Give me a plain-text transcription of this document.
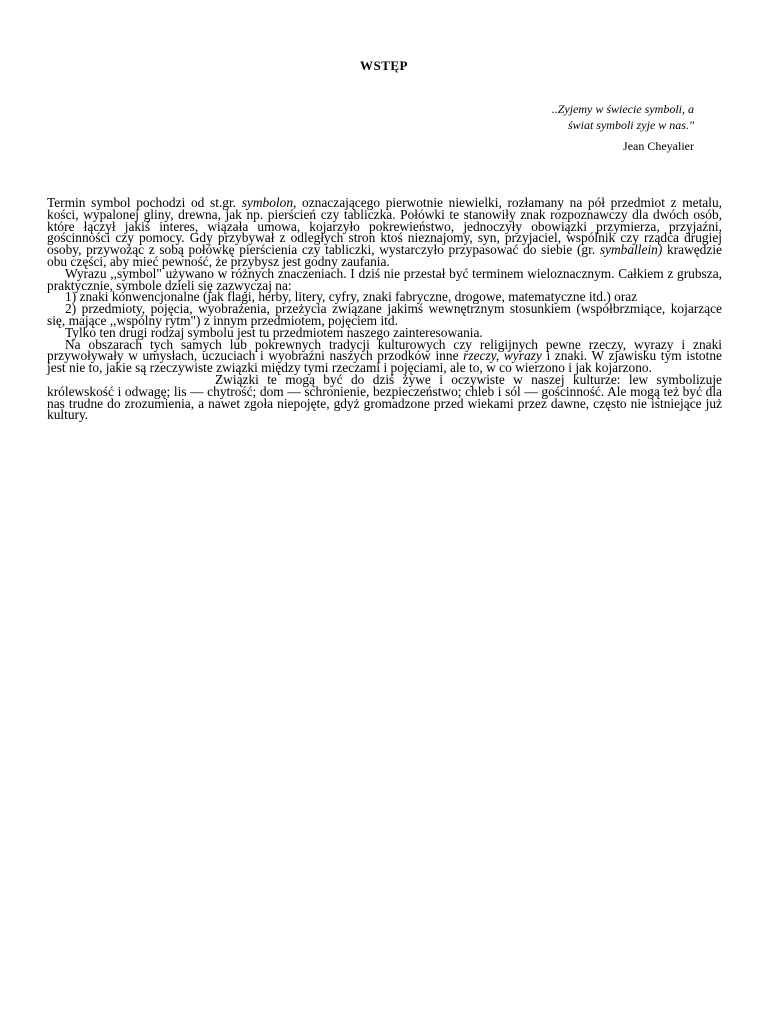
WSTĘP
..Zyjemy w świecie symboli, a
świat symboli zyje w nas."
Jean Cheyalier

Termin symbol pochodzi od st.gr. symbolon, oznaczającego pierwotnie niewielki, rozłamany na pół przedmiot z metalu, kości, wypalonej gliny, drewna, jak np. pierścień czy tabliczka. Połówki te stanowiły znak rozpoznawczy dla dwóch osób, które łączył jakiś interes, wiązała umowa, kojarzyło pokrewieństwo, jednoczyły obowiązki przymierza, przyjaźni, gościnności czy pomocy. Gdy przybywał z odległych stron ktoś nieznajomy, syn, przyjaciel, wspólnik czy rządca drugiej osoby, przywożąc z sobą połówkę pierścienia czy tabliczki, wystarczyło przypasować do siebie (gr. symballein) krawędzie obu części, aby mieć pewność, że przybysz jest godny zaufania.

Wyrazu ,,symbol" używano w różnych znaczeniach. I dziś nie przestał być terminem wieloznacznym. Całkiem z grubsza, praktycznie, symbole dzieli się zazwyczaj na:

1) znaki konwencjonalne (jak flagi, herby, litery, cyfry, znaki fabryczne, drogowe, matematyczne itd.) oraz

2) przedmioty, pojęcia, wyobrażenia, przeżycia związane jakimś wewnętrznym stosunkiem (współbrzmiące, kojarzące się, mające ,,wspólny rytm") z innym przedmiotem, pojęciem itd.

Tylko ten drugi rodzaj symbolu jest tu przedmiotem naszego zainteresowania.

Na obszarach tych samych lub pokrewnych tradycji kulturowych czy religijnych pewne rzeczy, wyrazy i znaki przywoływały w umysłach, uczuciach i wyobraźni naszych przodków inne rzeczy, wyrazy i znaki. W zjawisku tym istotne jest nie to, jakie są rzeczywiste związki między tymi rzeczami i pojęciami, ale to, w co wierzono i jak kojarzono.

Związki te mogą być do dziś żywe i oczywiste w naszej kulturze: lew symbolizuje królewskość i odwagę; lis — chytrość; dom — schronienie, bezpieczeństwo; chleb i sól — gościnność. Ale mogą też być dla nas trudne do zrozumienia, a nawet zgoła niepojęte, gdyż gromadzone przed wiekami przez dawne, często nie istniejące już kultury.
